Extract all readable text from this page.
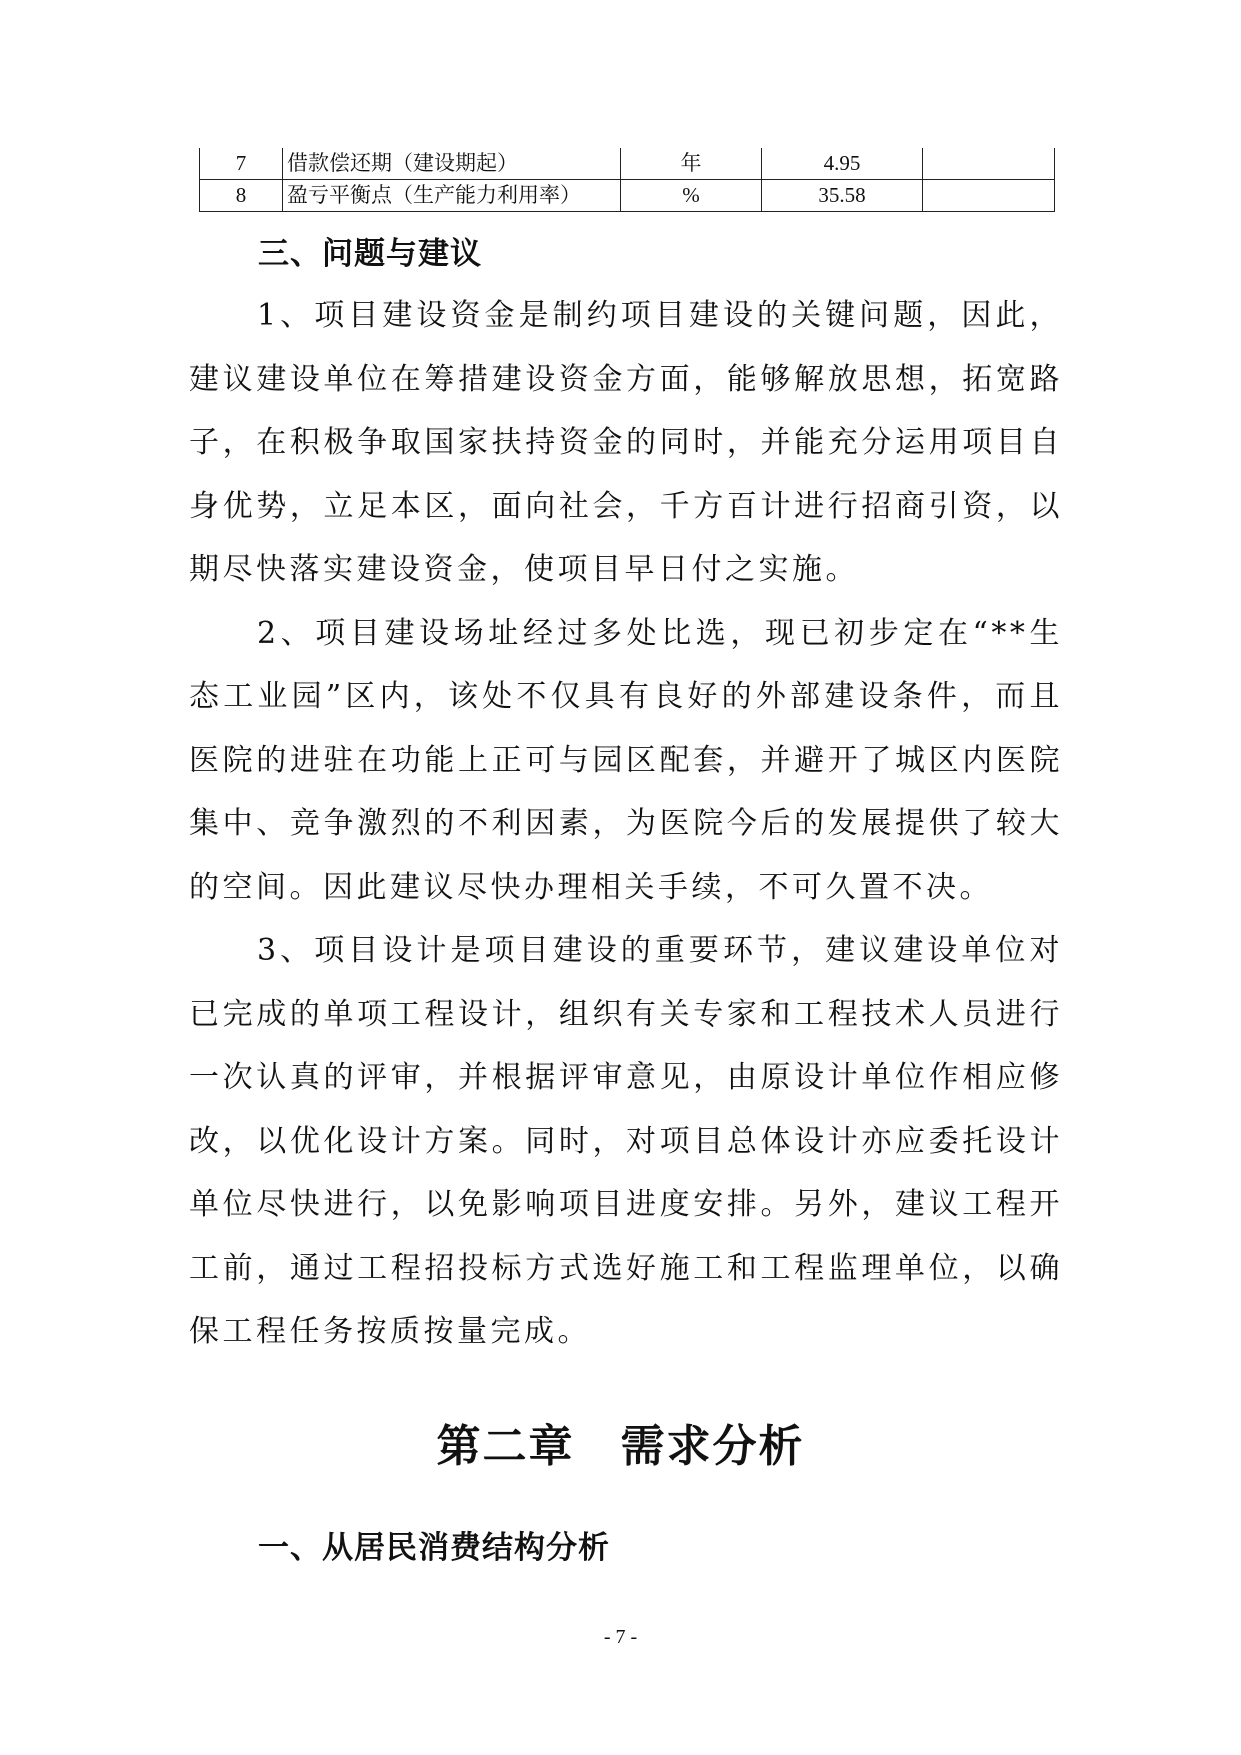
7	借款偿还期（建设期起）	年	4.95	
8	盈亏平衡点（生产能力利用率）	%	35.58	
三、问题与建议

1、项目建设资金是制约项目建设的关键问题，因此，建议建设单位在筹措建设资金方面，能够解放思想，拓宽路子，在积极争取国家扶持资金的同时，并能充分运用项目自身优势，立足本区，面向社会，千方百计进行招商引资，以期尽快落实建设资金，使项目早日付之实施。

2、项目建设场址经过多处比选，现已初步定在“**生态工业园”区内，该处不仅具有良好的外部建设条件，而且医院的进驻在功能上正可与园区配套，并避开了城区内医院集中、竞争激烈的不利因素，为医院今后的发展提供了较大的空间。因此建议尽快办理相关手续，不可久置不决。

3、项目设计是项目建设的重要环节，建议建设单位对已完成的单项工程设计，组织有关专家和工程技术人员进行一次认真的评审，并根据评审意见，由原设计单位作相应修改，以优化设计方案。同时，对项目总体设计亦应委托设计单位尽快进行，以免影响项目进度安排。另外，建议工程开工前，通过工程招投标方式选好施工和工程监理单位，以确保工程任务按质按量完成。

第二章　需求分析
一、从居民消费结构分析
- 7 -
